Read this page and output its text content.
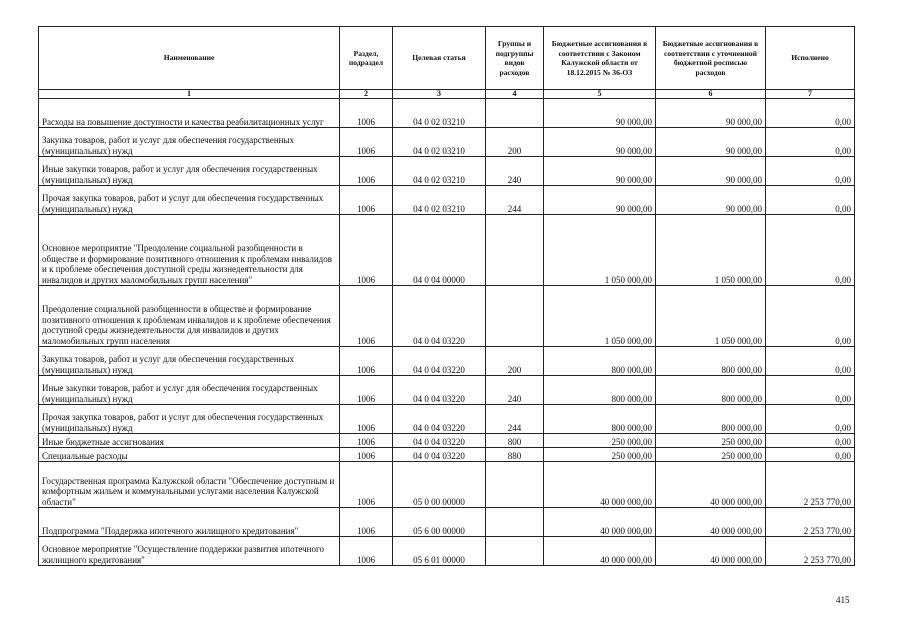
Наименование	Раздел, подраздел	Целевая статья	Группы и подгруппы видов расходов	Бюджетные ассигнования в соответствии с Законом Калужской области от 18.12.2015 № 36-ОЗ	Бюджетные ассигнования в соответствии с уточненной бюджетной росписью расходов	Исполнено
1	2	3	4	5	6	7
Расходы на повышение доступности и качества реабилитационных услуг	1006	04 0 02 03210		90 000,00	90 000,00	0,00
Закупка товаров, работ и услуг для обеспечения государственных (муниципальных) нужд	1006	04 0 02 03210	200	90 000,00	90 000,00	0,00
Иные закупки товаров, работ и услуг для обеспечения государственных (муниципальных) нужд	1006	04 0 02 03210	240	90 000,00	90 000,00	0,00
Прочая закупка товаров, работ и услуг для обеспечения государственных (муниципальных) нужд	1006	04 0 02 03210	244	90 000,00	90 000,00	0,00
Основное мероприятие "Преодоление социальной разобщенности в обществе и формирование позитивного отношения к проблемам инвалидов и к проблеме обеспечения доступной среды жизнедеятельности для инвалидов и других маломобильных групп населения"	1006	04 0 04 00000		1 050 000,00	1 050 000,00	0,00
Преодоление социальной разобщенности в обществе и формирование позитивного отношения к проблемам инвалидов и к проблеме обеспечения доступной среды жизнедеятельности для инвалидов и других маломобильных групп населения	1006	04 0 04 03220		1 050 000,00	1 050 000,00	0,00
Закупка товаров, работ и услуг для обеспечения государственных (муниципальных) нужд	1006	04 0 04 03220	200	800 000,00	800 000,00	0,00
Иные закупки товаров, работ и услуг для обеспечения государственных (муниципальных) нужд	1006	04 0 04 03220	240	800 000,00	800 000,00	0,00
Прочая закупка товаров, работ и услуг для обеспечения государственных (муниципальных) нужд	1006	04 0 04 03220	244	800 000,00	800 000,00	0,00
Иные бюджетные ассигнования	1006	04 0 04 03220	800	250 000,00	250 000,00	0,00
Специальные расходы	1006	04 0 04 03220	880	250 000,00	250 000,00	0,00
Государственная программа Калужской области "Обеспечение доступным и комфортным жильем и коммунальными услугами населения Калужской области"	1006	05 0 00 00000		40 000 000,00	40 000 000,00	2 253 770,00
Подпрограмма "Поддержка ипотечного жилищного кредитования"	1006	05 6 00 00000		40 000 000,00	40 000 000,00	2 253 770,00
Основное мероприятие "Осуществление поддержки развития ипотечного жилищного кредитования"	1006	05 6 01 00000		40 000 000,00	40 000 000,00	2 253 770,00
415
